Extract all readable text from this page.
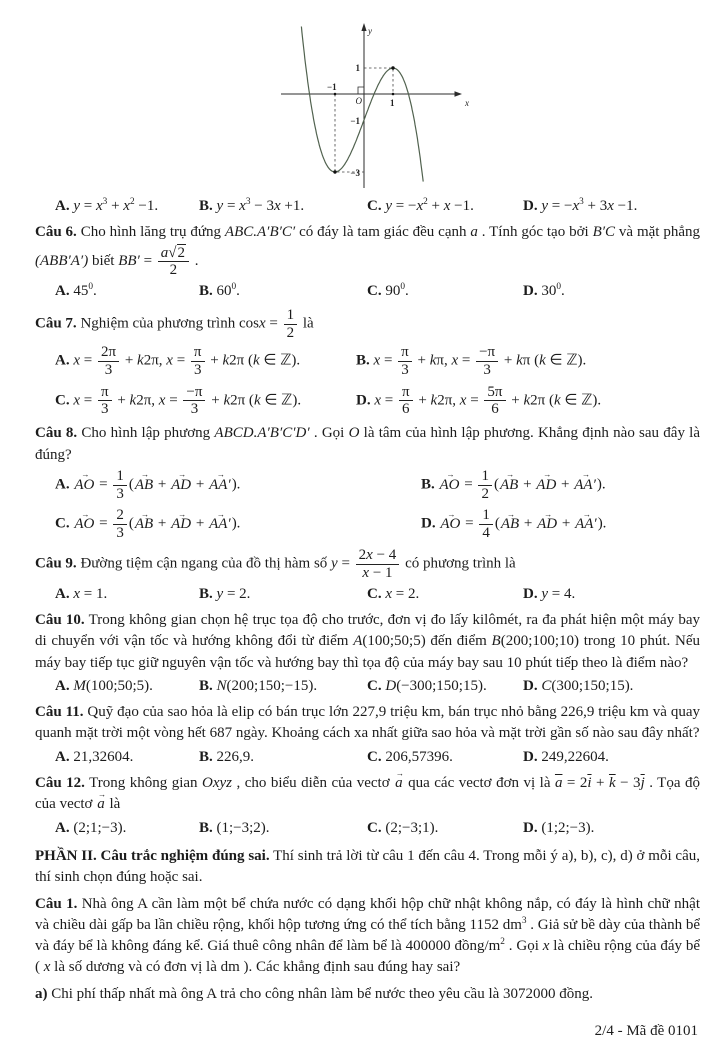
y
x
O
−1
1
1
−1
−3
A. $y = x^3 + x^2 -1$.	B. $y = x^3 - 3x +1$.	C. $y = -x^2 + x -1$.	D. $y = -x^3 + 3x -1$.
Câu 6. Cho hình lăng trụ đứng ABC.A′B′C′ có đáy là tam giác đều cạnh a . Tính góc tạo bởi B′C và mặt phẳng (ABB′A′) biết $BB' = \frac{a √ 2}{2}$ .
A. $45^0$.	B. $60^0$.	C. $90^0$.	D. $30^0$.
Câu 7. Nghiệm của phương trình $\cos x = \frac{1}{2}$ là
A. $x = \frac{2\pi}{3} + k2\pi$, $x = \frac{\pi}{3} + k2\pi$ (k ∈ ℤ).	B. $x = \frac{\pi}{3} + k\pi$, $x = \frac{-\pi}{3} + k\pi$ (k ∈ ℤ).
C. $x = \frac{\pi}{3} + k2\pi$, $x = \frac{-\pi}{3} + k2\pi$ (k ∈ ℤ).	D. $x = \frac{\pi}{6} + k2\pi$, $x = \frac{5\pi}{6} + k2\pi$ (k ∈ ℤ).
Câu 8. Cho hình lập phương ABCD.A′B′C′D′ . Gọi O là tâm của hình lập phương. Khẳng định nào sau đây là đúng?
A. AO → = $\frac{1}{3} (AB$ → + AD → + AA′ →).	B. AO → = $\frac{1}{2} (AB$ → + AD → + AA′ →).
C. AO → = $\frac{2}{3} (AB$ → + AD → + AA′ →).	D. AO → = $\frac{1}{4} (AB$ → + AD → + AA′ →).
Câu 9. Đường tiệm cận ngang của đồ thị hàm số $y = \frac{2x - 4}{x - 1}$ có phương trình là
A. x = 1.	B. y = 2.	C. x = 2.	D. y = 4.
Câu 10. Trong không gian chọn hệ trục tọa độ cho trước, đơn vị đo lấy kilômét, ra đa phát hiện một máy bay di chuyển với vận tốc và hướng không đổi từ điểm A(100;50;5) đến điểm B(200;100;10) trong 10 phút. Nếu máy bay tiếp tục giữ nguyên vận tốc và hướng bay thì tọa độ của máy bay sau 10 phút tiếp theo là điểm nào?
A. M(100;50;5).	B. N(200;150;−15).	C. D(−300;150;15).	D. C(300;150;15).
Câu 11. Quỹ đạo của sao hỏa là elip có bán trục lớn 227,9 triệu km, bán trục nhỏ bằng 226,9 triệu km và quay quanh mặt trời một vòng hết 687 ngày. Khoảng cách xa nhất giữa sao hỏa và mặt trời gần số nào sau đây nhất?
A. 21,32604.	B. 226,9.	C. 206,57396.	D. 249,22604.
Câu 12. Trong không gian Oxyz , cho biểu diễn của vectơ a → qua các vectơ đơn vị là $\overline{a} = 2\overline{i} + \overline{k} - 3\overline{j}$ . Tọa độ của vectơ a → là
A. (2;1;−3).	B. (1;−3;2).	C. (2;−3;1).	D. (1;2;−3).
PHẦN II. Câu trắc nghiệm đúng sai. Thí sinh trả lời từ câu 1 đến câu 4. Trong mỗi ý a), b), c), d) ở mỗi câu, thí sinh chọn đúng hoặc sai.
Câu 1. Nhà ông A cần làm một bể chứa nước có dạng khối hộp chữ nhật không nắp, có đáy là hình chữ nhật và chiều dài gấp ba lần chiều rộng, khối hộp tương ứng có thể tích bằng 1152 $dm^3$ . Giả sử bề dày của thành bể và đáy bể là không đáng kể. Giá thuê công nhân để làm bể là 400000 đồng/$m^2$ . Gọi x là chiều rộng của đáy bể ( x là số dương và có đơn vị là dm ). Các khẳng định sau đúng hay sai?
a) Chi phí thấp nhất mà ông A trả cho công nhân làm bể nước theo yêu cầu là 3072000 đồng.
2/4 - Mã đề 0101
